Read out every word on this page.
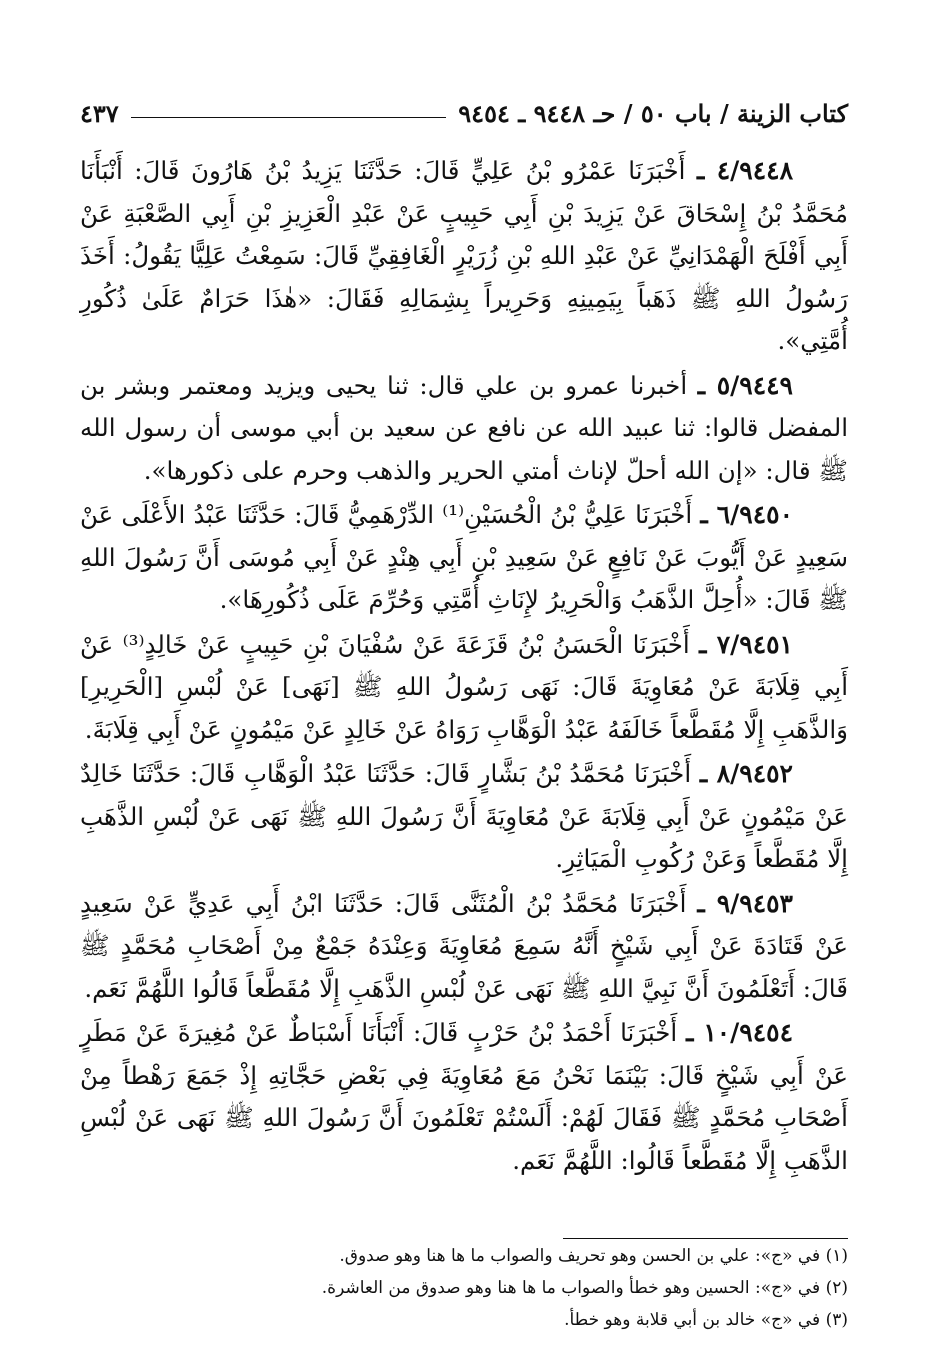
كتاب الزينة / باب ٥٠ / حـ ٩٤٤٨ ـ ٩٤٥٤
٤٣٧

٤/٩٤٤٨ ـ أَخْبَرَنَا عَمْرُو بْنُ عَلِيٍّ قَالَ: حَدَّثَنَا يَزِيدُ بْنُ هَارُونَ قَالَ: أَنْبَأَنَا مُحَمَّدُ بْنُ إِسْحَاقَ عَنْ يَزِيدَ بْنِ أَبِي حَبِيبٍ عَنْ عَبْدِ الْعَزِيزِ بْنِ أَبِي الصَّعْبَةِ عَنْ أَبِي أَفْلَحَ الْهَمْدَانِيِّ عَنْ عَبْدِ اللهِ بْنِ زُرَيْرٍ الْغَافِقِيِّ قَالَ: سَمِعْتُ عَلِيًّا يَقُولُ: أَخَذَ رَسُولُ اللهِ ﷺ ذَهَباً بِيَمِينِهِ وَحَرِيراً بِشِمَالِهِ فَقَالَ: «هٰذَا حَرَامٌ عَلَىٰ ذُكُورِ أُمَّتِي».

٥/٩٤٤٩ ـ أخبرنا عمرو بن علي قال: ثنا يحيى ويزيد ومعتمر وبشر بن المفضل قالوا: ثنا عبيد الله عن نافع عن سعيد بن أبي موسى أن رسول الله ﷺ قال: «إن الله أحلّ لإناث أمتي الحرير والذهب وحرم على ذكورها».

٦/٩٤٥٠ ـ أَخْبَرَنَا عَلِيُّ بْنُ الْحُسَيْنِ⁽¹⁾ الدِّرْهَمِيُّ قَالَ: حَدَّثَنَا عَبْدُ الأَعْلَى عَنْ سَعِيدٍ عَنْ أَيُّوبَ عَنْ نَافِعٍ عَنْ سَعِيدِ بْنِ أَبِي هِنْدٍ عَنْ أَبِي مُوسَى أَنَّ رَسُولَ اللهِ ﷺ قَالَ: «أُحِلَّ الذَّهَبُ وَالْحَرِيرُ لإِنَاثِ أُمَّتِي وَحُرِّمَ عَلَى ذُكُورِهَا».

٧/٩٤٥١ ـ أَخْبَرَنَا الْحَسَنُ بْنُ قَزَعَةَ عَنْ سُفْيَانَ بْنِ حَبِيبٍ عَنْ خَالِدٍ⁽³⁾ عَنْ أَبِي قِلَابَةَ عَنْ مُعَاوِيَةَ قَالَ: نَهَى رَسُولُ اللهِ ﷺ [نَهَى] عَنْ لُبْسِ [الْحَرِيرِ] وَالذَّهَبِ إِلَّا مُقَطَّعاً خَالَفَهُ عَبْدُ الْوَهَّابِ رَوَاهُ عَنْ خَالِدٍ عَنْ مَيْمُونٍ عَنْ أَبِي قِلَابَةَ.

٨/٩٤٥٢ ـ أَخْبَرَنَا مُحَمَّدُ بْنُ بَشَّارٍ قَالَ: حَدَّثَنَا عَبْدُ الْوَهَّابِ قَالَ: حَدَّثَنَا خَالِدٌ عَنْ مَيْمُونٍ عَنْ أَبِي قِلَابَةَ عَنْ مُعَاوِيَةَ أَنَّ رَسُولَ اللهِ ﷺ نَهَى عَنْ لُبْسِ الذَّهَبِ إِلَّا مُقَطَّعاً وَعَنْ رُكُوبِ الْمَيَاثِرِ.

٩/٩٤٥٣ ـ أَخْبَرَنَا مُحَمَّدُ بْنُ الْمُثَنَّى قَالَ: حَدَّثَنَا ابْنُ أَبِي عَدِيٍّ عَنْ سَعِيدٍ عَنْ قَتَادَةَ عَنْ أَبِي شَيْخٍ أَنَّهُ سَمِعَ مُعَاوِيَةَ وَعِنْدَهُ جَمْعٌ مِنْ أَصْحَابِ مُحَمَّدٍ ﷺ قَالَ: أَتَعْلَمُونَ أَنَّ نَبِيَّ اللهِ ﷺ نَهَى عَنْ لُبْسِ الذَّهَبِ إِلَّا مُقَطَّعاً قَالُوا اللَّهُمَّ نَعَم.

١٠/٩٤٥٤ ـ أَخْبَرَنَا أَحْمَدُ بْنُ حَرْبٍ قَالَ: أَنْبَأَنَا أَسْبَاطٌ عَنْ مُغِيرَةَ عَنْ مَطَرٍ عَنْ أَبِي شَيْخٍ قَالَ: بَيْنَمَا نَحْنُ مَعَ مُعَاوِيَةَ فِي بَعْضِ حَجَّاتِهِ إِذْ جَمَعَ رَهْطاً مِنْ أَصْحَابِ مُحَمَّدٍ ﷺ فَقَالَ لَهُمْ: أَلَسْتُمْ تَعْلَمُونَ أَنَّ رَسُولَ اللهِ ﷺ نَهَى عَنْ لُبْسِ الذَّهَبِ إِلَّا مُقَطَّعاً قَالُوا: اللَّهُمَّ نَعَم.

(١) في «ج»: علي بن الحسن وهو تحريف والصواب ما ها هنا وهو صدوق.

(٢) في «ج»: الحسين وهو خطأ والصواب ما ها هنا وهو صدوق من العاشرة.

(٣) في «ج» خالد بن أبي قلابة وهو خطأ.
